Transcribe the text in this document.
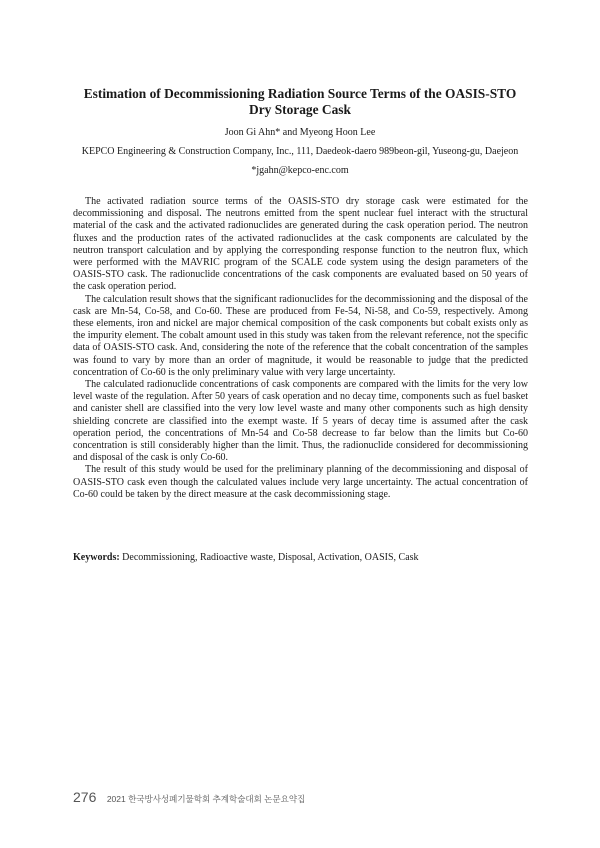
Estimation of Decommissioning Radiation Source Terms of the OASIS-STO Dry Storage Cask
Joon Gi Ahn* and Myeong Hoon Lee
KEPCO Engineering & Construction Company, Inc., 111, Daedeok-daero 989beon-gil, Yuseong-gu, Daejeon
*jgahn@kepco-enc.com

The activated radiation source terms of the OASIS-STO dry storage cask were estimated for the decommissioning and disposal. The neutrons emitted from the spent nuclear fuel interact with the structural material of the cask and the activated radionuclides are generated during the cask operation period. The neutron fluxes and the production rates of the activated radionuclides at the cask components are calculated by the neutron transport calculation and by applying the corresponding response function to the neutron flux, which were performed with the MAVRIC program of the SCALE code system using the design parameters of the OASIS-STO cask. The radionuclide concentrations of the cask components are evaluated based on 50 years of the cask operation period.

The calculation result shows that the significant radionuclides for the decommissioning and the disposal of the cask are Mn-54, Co-58, and Co-60. These are produced from Fe-54, Ni-58, and Co-59, respectively. Among these elements, iron and nickel are major chemical composition of the cask components but cobalt exists only as the impurity element. The cobalt amount used in this study was taken from the relevant reference, not the specific data of OASIS-STO cask. And, considering the note of the reference that the cobalt concentration of the samples was found to vary by more than an order of magnitude, it would be reasonable to judge that the predicted concentration of Co-60 is the only preliminary value with very large uncertainty.

The calculated radionuclide concentrations of cask components are compared with the limits for the very low level waste of the regulation. After 50 years of cask operation and no decay time, components such as fuel basket and canister shell are classified into the very low level waste and many other components such as high density shielding concrete are classified into the exempt waste. If 5 years of decay time is assumed after the cask operation period, the concentrations of Mn-54 and Co-58 decrease to far below than the limits but Co-60 concentration is still considerably higher than the limit. Thus, the radionuclide considered for decommissioning and disposal of the cask is only Co-60.

The result of this study would be used for the preliminary planning of the decommissioning and disposal of OASIS-STO cask even though the calculated values include very large uncertainty. The actual concentration of Co-60 could be taken by the direct measure at the cask decommissioning stage.

Keywords: Decommissioning, Radioactive waste, Disposal, Activation, OASIS, Cask
276 2021 한국방사성폐기물학회 추계학술대회 논문요약집
